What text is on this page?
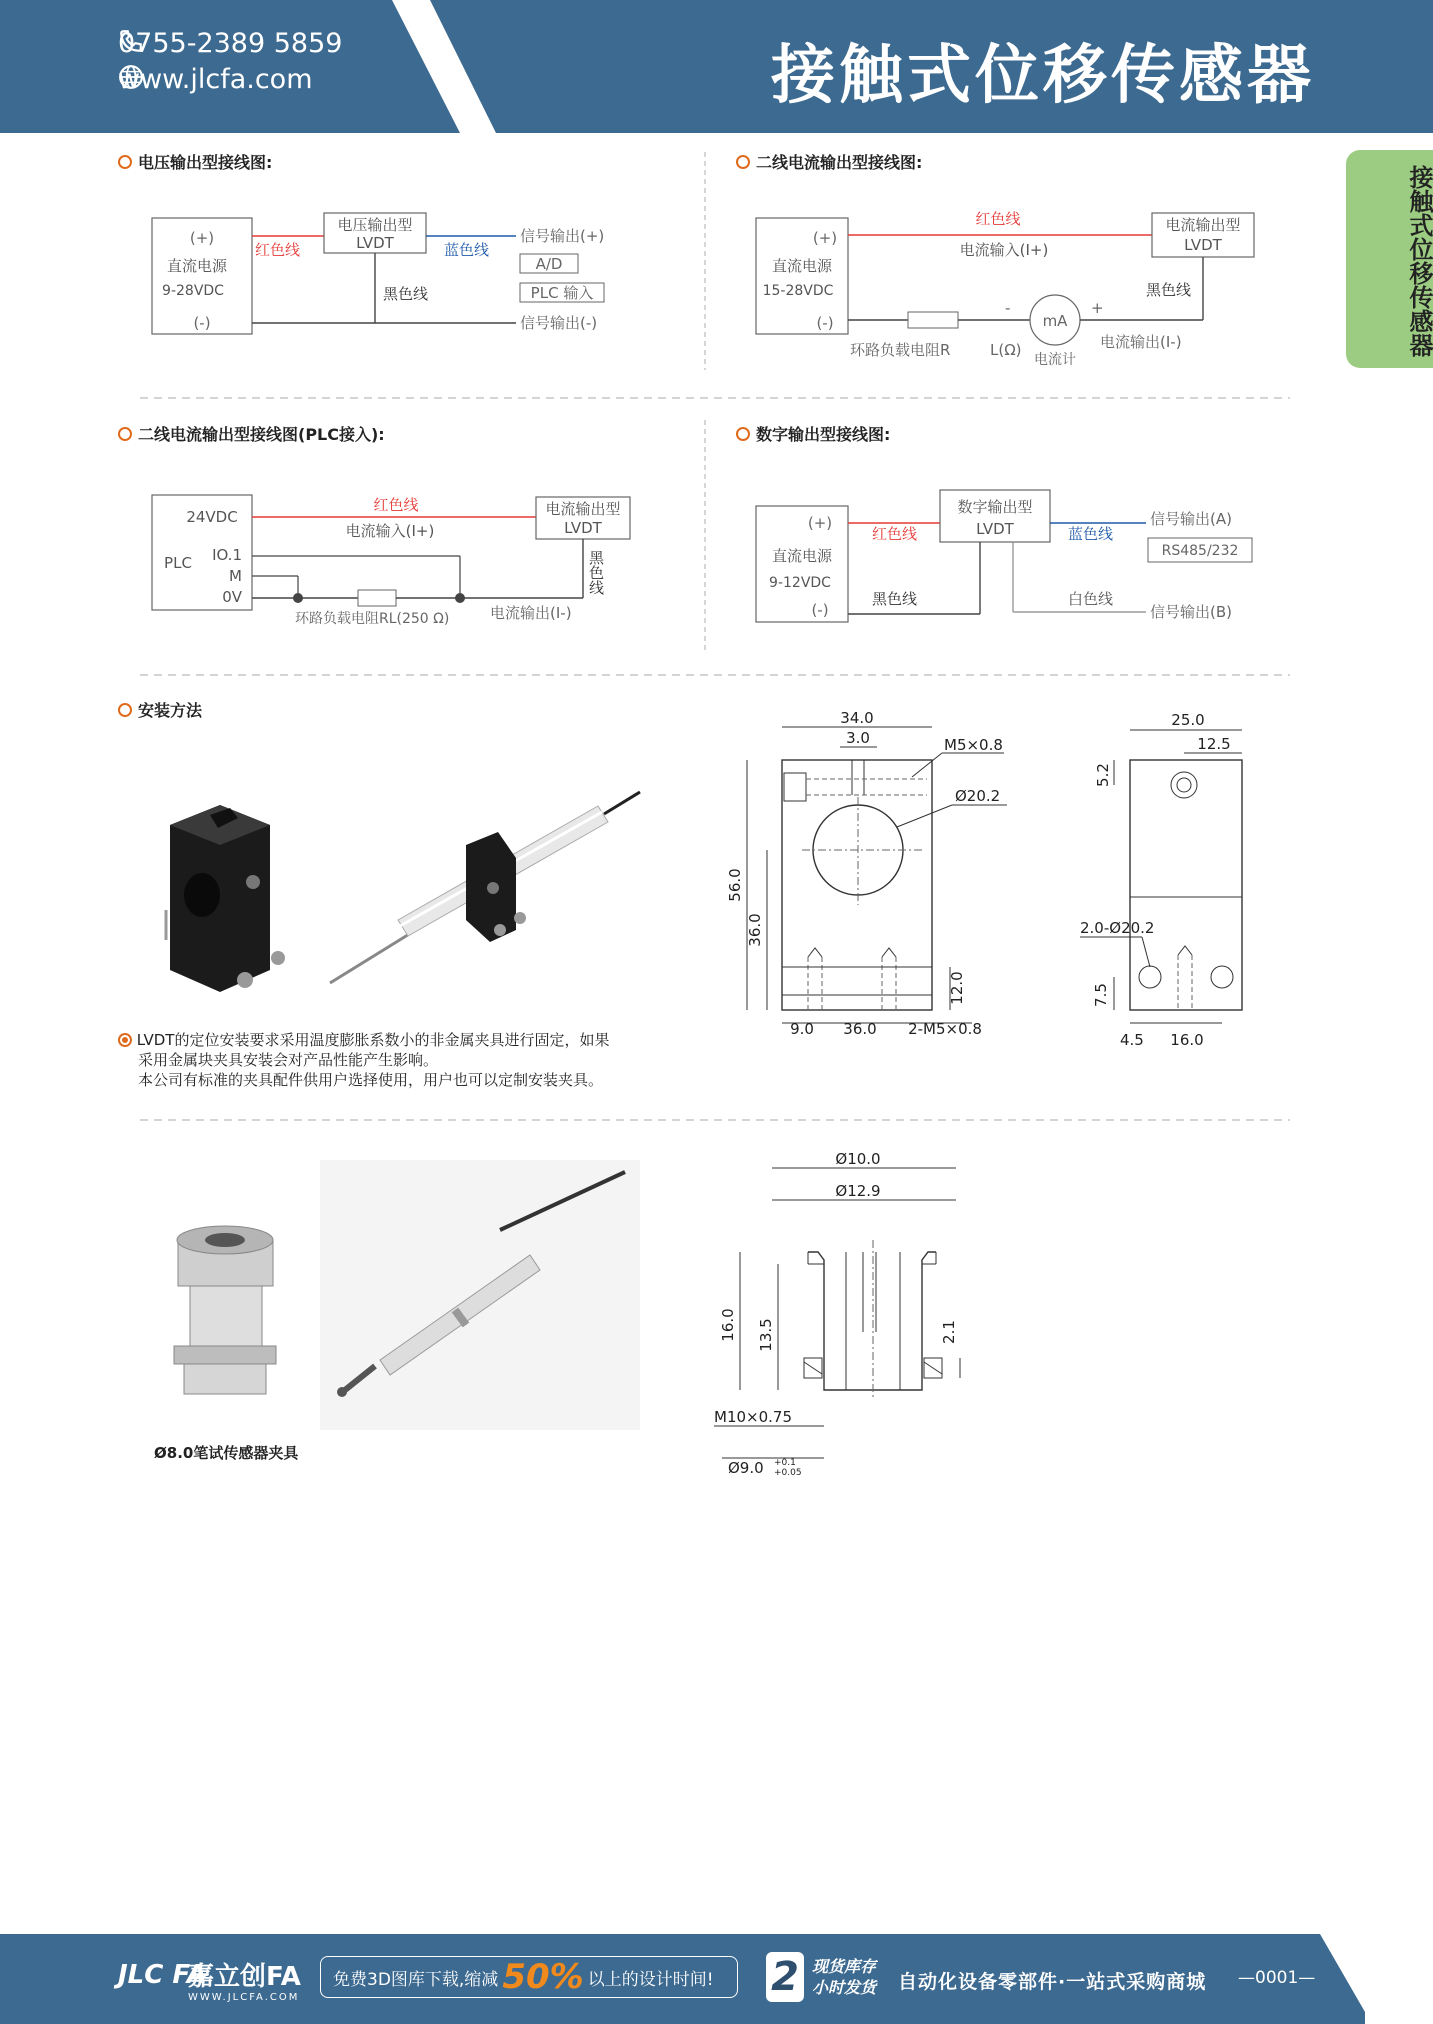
0755-2389 5859
www.jlcfa.com	接触式位移传感器
接触式位移传感器
电压输出型接线图:	二线电流输出型接线图:
二线电流输出型接线图(PLC接入):	数字输出型接线图:
安装方法
(+)
直流电源
9-28VDC
(-)
红色线
电压输出型
LVDT	蓝色线
信号输出(+)
A/D
PLC 输入
黑色线
信号输出(-)
(+)
直流电源
15-28VDC
(-)
红色线
电流输入(I+)
电流输出型
LVDT
黑色线
mA
-	+
环路负载电阻R	L(Ω)
电流计
电流输出(I-)
24VDC
PLC IO.1
M
0V
红色线
电流输入(I+)
电流输出型
LVDT
黑色线
环路负载电阻RL(250 Ω)	电流输出(I-)
(+)
直流电源
9-12VDC
(-)
红色线
数字输出型
LVDT	蓝色线
信号输出(A)
RS485/232
黑色线	白色线
信号输出(B)
34.0
3.0	M5×0.8
Ø20.2
56.0
36.0
12.0
9.0 36.0 2-M5×0.8
25.0
12.5
5.2
2.0-Ø20.2
7.5
4.5 16.0

LVDT的定位安装要求采用温度膨胀系数小的非金属夹具进行固定，如果

采用金属块夹具安装会对产品性能产生影响。

本公司有标准的夹具配件供用户选择使用，用户也可以定制安装夹具。

Ø8.0笔试传感器夹具
Ø10.0
Ø12.9
16.0 13.5	2.1
M10×0.75
Ø9.0 +0.1
+0.05
JLC FA
嘉立创FA
WWW.JLCFA.COM
免费3D图库下载,缩减 50% 以上的设计时间! 2 现货库存
小时发货 自动化设备零部件·一站式采购商城 —0001—
